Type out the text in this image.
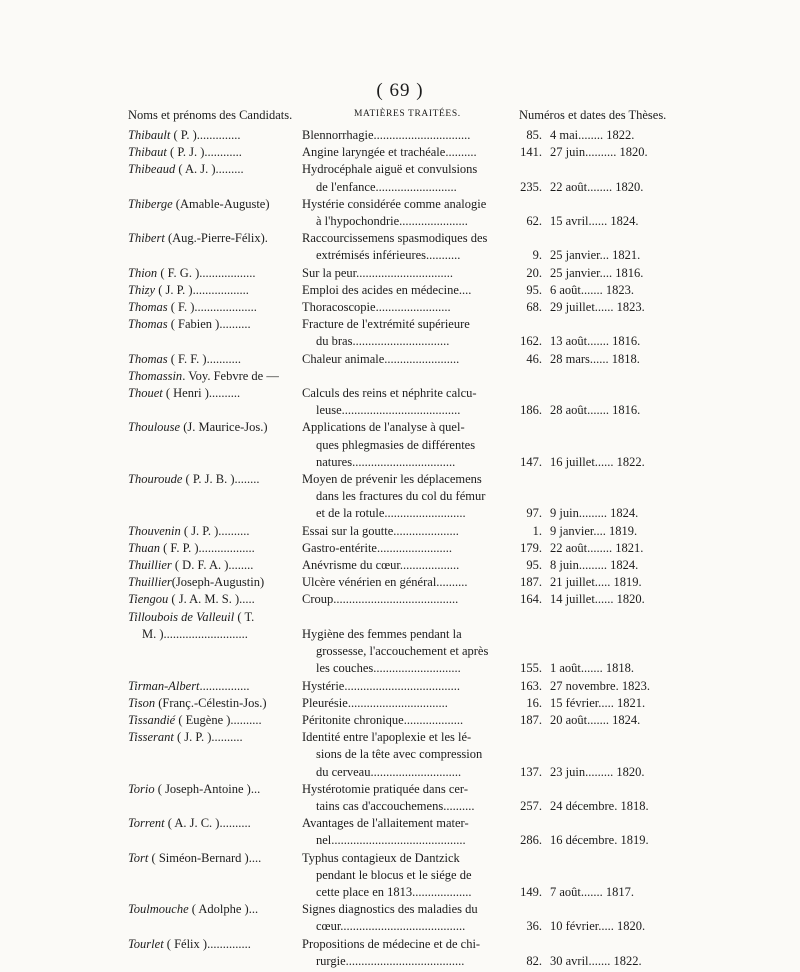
( 69 )
Noms et prénoms des Candidats.	MATIÈRES TRAITÉES.	Numéros et dates des Thèses.
Thibault ( P. )..............	Blennorrhagie...............................	85. 4 mai........ 1822.
Thibaut ( P. J. )............	Angine laryngée et trachéale..........	141. 27 juin.......... 1820.
Thibeaud ( A. J. ).........	Hydrocéphale aiguë et convulsions
de l'enfance..........................	235. 22 août........ 1820.
Thiberge (Amable-Auguste)	Hystérie considérée comme analogie
à l'hypochondrie......................	62. 15 avril...... 1824.
Thibert (Aug.-Pierre-Félix).	Raccourcissemens spasmodiques des
extrémisés inférieures...........	9. 25 janvier... 1821.
Thion ( F. G. )..................	Sur la peur...............................	20. 25 janvier.... 1816.
Thizy ( J. P. )..................	Emploi des acides en médecine....	95. 6 août....... 1823.
Thomas ( F. )....................	Thoracoscopie........................	68. 29 juillet...... 1823.
Thomas ( Fabien )..........	Fracture de l'extrémité supérieure
du bras...............................	162. 13 août....... 1816.
Thomas ( F. F. )...........	Chaleur animale........................	46. 28 mars...... 1818.
Thomassin. Voy. Febvre de —

Thouet ( Henri )..........	Calculs des reins et néphrite calcu-
leuse......................................	186. 28 août....... 1816.
Thoulouse (J. Maurice-Jos.)	Applications de l'analyse à quel-
ques phlegmasies de différentes
natures.................................	147. 16 juillet...... 1822.
Thouroude ( P. J. B. )........	Moyen de prévenir les déplacemens
dans les fractures du col du fémur
et de la rotule..........................	97. 9 juin......... 1824.
Thouvenin ( J. P. )..........	Essai sur la goutte.....................	1. 9 janvier.... 1819.
Thuan ( F. P. )..................	Gastro-entérite........................	179. 22 août........ 1821.
Thuillier ( D. F. A. )........	Anévrisme du cœur...................	95. 8 juin......... 1824.
Thuillier(Joseph-Augustin)	Ulcère vénérien en général..........	187. 21 juillet..... 1819.
Tiengou ( J. A. M. S. ).....	Croup........................................	164. 14 juillet...... 1820.
Tilloubois de Valleuil ( T.

M. )...........................	Hygiène des femmes pendant la
grossesse, l'accouchement et après
les couches............................	155. 1 août....... 1818.
Tirman-Albert................	Hystérie.....................................	163. 27 novembre. 1823.
Tison (Franç.-Célestin-Jos.)	Pleurésie................................	16. 15 février..... 1821.
Tissandié ( Eugène )..........	Péritonite chronique...................	187. 20 août....... 1824.
Tisserant ( J. P. )..........	Identité entre l'apoplexie et les lé-
sions de la tête avec compression
du cerveau.............................	137. 23 juin......... 1820.
Torio ( Joseph-Antoine )...	Hystérotomie pratiquée dans cer-
tains cas d'accouchemens..........	257. 24 décembre. 1818.
Torrent ( A. J. C. )..........	Avantages de l'allaitement mater-
nel...........................................	286. 16 décembre. 1819.
Tort ( Siméon-Bernard )....	Typhus contagieux de Dantzick
pendant le blocus et le siége de
cette place en 1813...................	149. 7 août....... 1817.
Toulmouche ( Adolphe )...	Signes diagnostics des maladies du
cœur........................................	36. 10 février..... 1820.
Tourlet ( Félix )..............	Propositions de médecine et de chi-
rurgie......................................	82. 30 avril....... 1822.
